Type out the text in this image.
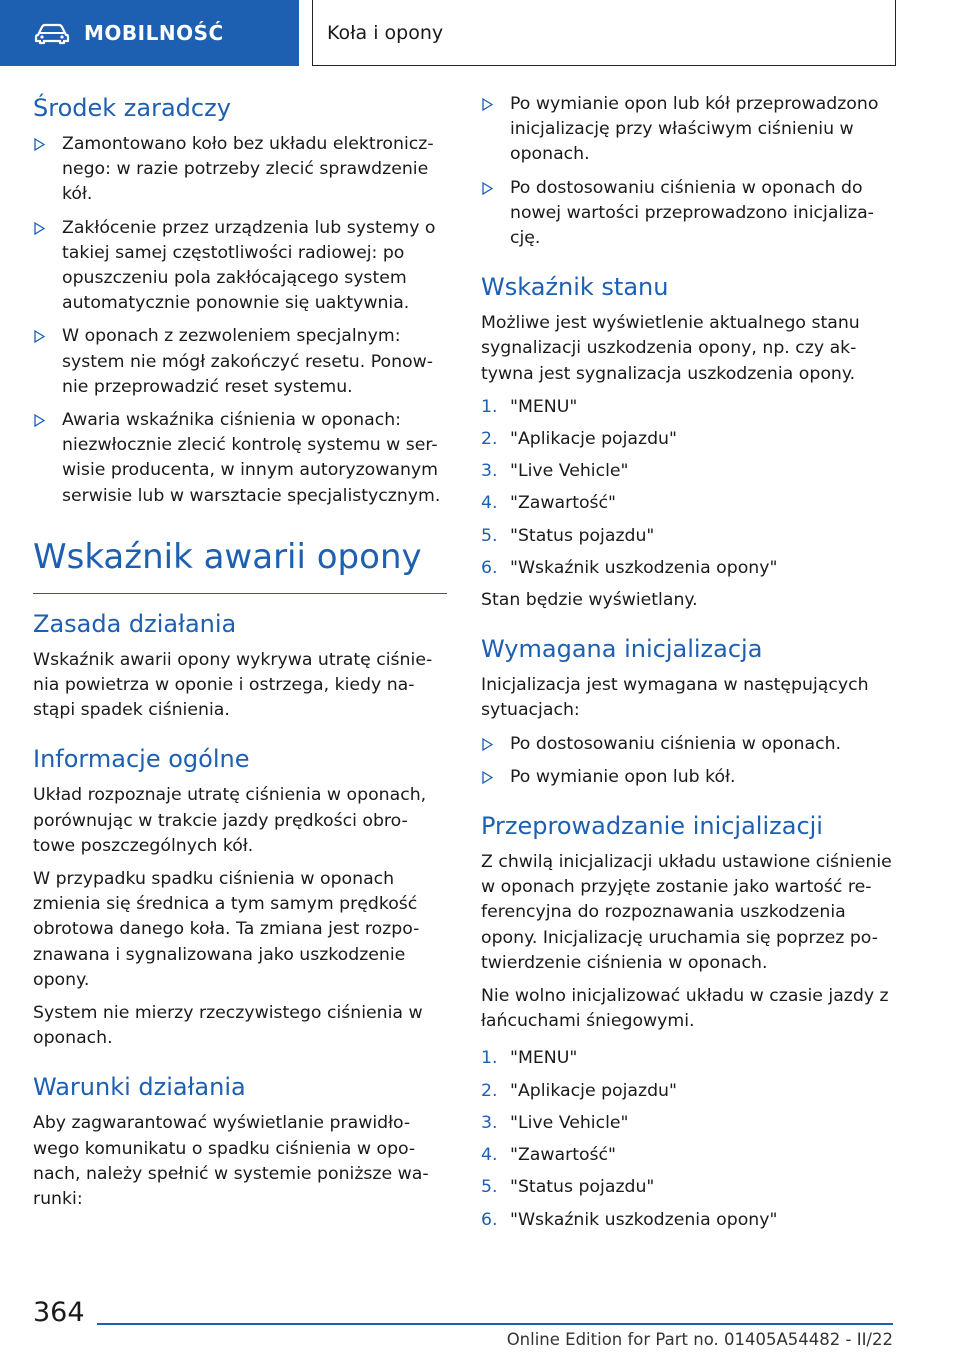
MOBILNOŚĆ	Koła i opony
Środek zaradczy
Zamontowano koło bez układu elektronicz-nego: w razie potrzeby zlecić sprawdzenie kół.
Zakłócenie przez urządzenia lub systemy o takiej samej częstotliwości radiowej: po opuszczeniu pola zakłócającego system automatycznie ponownie się uaktywnia.
W oponach z zezwoleniem specjalnym: system nie mógł zakończyć resetu. Ponow-nie przeprowadzić reset systemu.
Awaria wskaźnika ciśnienia w oponach: niezwłocznie zlecić kontrolę systemu w ser-wisie producenta, w innym autoryzowanym serwisie lub w warsztacie specjalistycznym.
Wskaźnik awarii opony
Zasada działania

Wskaźnik awarii opony wykrywa utratę ciśnie-nia powietrza w oponie i ostrzega, kiedy na-stąpi spadek ciśnienia.

Informacje ogólne

Układ rozpoznaje utratę ciśnienia w oponach, porównując w trakcie jazdy prędkości obro-towe poszczególnych kół.

W przypadku spadku ciśnienia w oponach zmienia się średnica a tym samym prędkość obrotowa danego koła. Ta zmiana jest rozpo-znawana i sygnalizowana jako uszkodzenie opony.

System nie mierzy rzeczywistego ciśnienia w oponach.

Warunki działania

Aby zagwarantować wyświetlanie prawidło-wego komunikatu o spadku ciśnienia w opo-nach, należy spełnić w systemie poniższe wa-runki:

Po wymianie opon lub kół przeprowadzono inicjalizację przy właściwym ciśnieniu w oponach.
Po dostosowaniu ciśnienia w oponach do nowej wartości przeprowadzono inicjaliza-cję.
Wskaźnik stanu

Możliwe jest wyświetlenie aktualnego stanu sygnalizacji uszkodzenia opony, np. czy ak-tywna jest sygnalizacja uszkodzenia opony.

1. "MENU"
2. "Aplikacje pojazdu"
3. "Live Vehicle"
4. "Zawartość"
5. "Status pojazdu"
6. "Wskaźnik uszkodzenia opony"

Stan będzie wyświetlany.

Wymagana inicjalizacja

Inicjalizacja jest wymagana w następujących sytuacjach:

Po dostosowaniu ciśnienia w oponach.
Po wymianie opon lub kół.
Przeprowadzanie inicjalizacji

Z chwilą inicjalizacji układu ustawione ciśnienie w oponach przyjęte zostanie jako wartość re-ferencyjna do rozpoznawania uszkodzenia opony. Inicjalizację uruchamia się poprzez po-twierdzenie ciśnienia w oponach.

Nie wolno inicjalizować układu w czasie jazdy z łańcuchami śniegowymi.

1. "MENU"
2. "Aplikacje pojazdu"
3. "Live Vehicle"
4. "Zawartość"
5. "Status pojazdu"
6. "Wskaźnik uszkodzenia opony"
364
Online Edition for Part no. 01405A54482 - II/22
